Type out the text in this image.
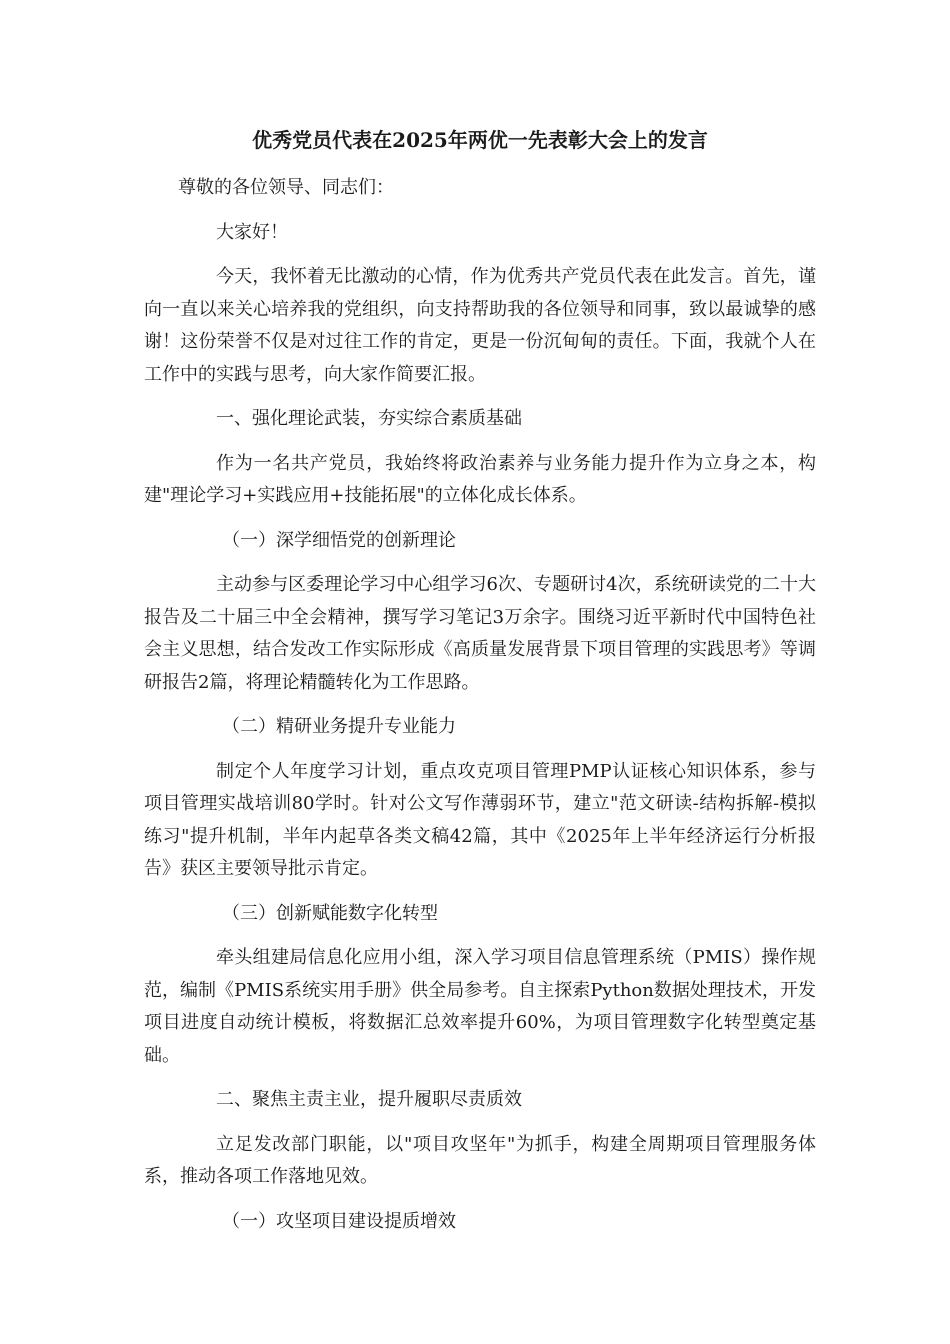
优秀党员代表在2025年两优一先表彰大会上的发言
尊敬的各位领导、同志们：
大家好！
今天，我怀着无比激动的心情，作为优秀共产党员代表在此发言。首先，谨向一直以来关心培养我的党组织，向支持帮助我的各位领导和同事，致以最诚挚的感谢！这份荣誉不仅是对过往工作的肯定，更是一份沉甸甸的责任。下面，我就个人在工作中的实践与思考，向大家作简要汇报。
一、强化理论武装，夯实综合素质基础
作为一名共产党员，我始终将政治素养与业务能力提升作为立身之本，构建"理论学习+实践应用+技能拓展"的立体化成长体系。
（一）深学细悟党的创新理论
主动参与区委理论学习中心组学习6次、专题研讨4次，系统研读党的二十大报告及二十届三中全会精神，撰写学习笔记3万余字。围绕习近平新时代中国特色社会主义思想，结合发改工作实际形成《高质量发展背景下项目管理的实践思考》等调研报告2篇，将理论精髓转化为工作思路。
（二）精研业务提升专业能力
制定个人年度学习计划，重点攻克项目管理PMP认证核心知识体系，参与项目管理实战培训80学时。针对公文写作薄弱环节，建立"范文研读-结构拆解-模拟练习"提升机制，半年内起草各类文稿42篇，其中《2025年上半年经济运行分析报告》获区主要领导批示肯定。
（三）创新赋能数字化转型
牵头组建局信息化应用小组，深入学习项目信息管理系统（PMIS）操作规范，编制《PMIS系统实用手册》供全局参考。自主探索Python数据处理技术，开发项目进度自动统计模板，将数据汇总效率提升60%，为项目管理数字化转型奠定基础。
二、聚焦主责主业，提升履职尽责质效
立足发改部门职能，以"项目攻坚年"为抓手，构建全周期项目管理服务体系，推动各项工作落地见效。
（一）攻坚项目建设提质增效
